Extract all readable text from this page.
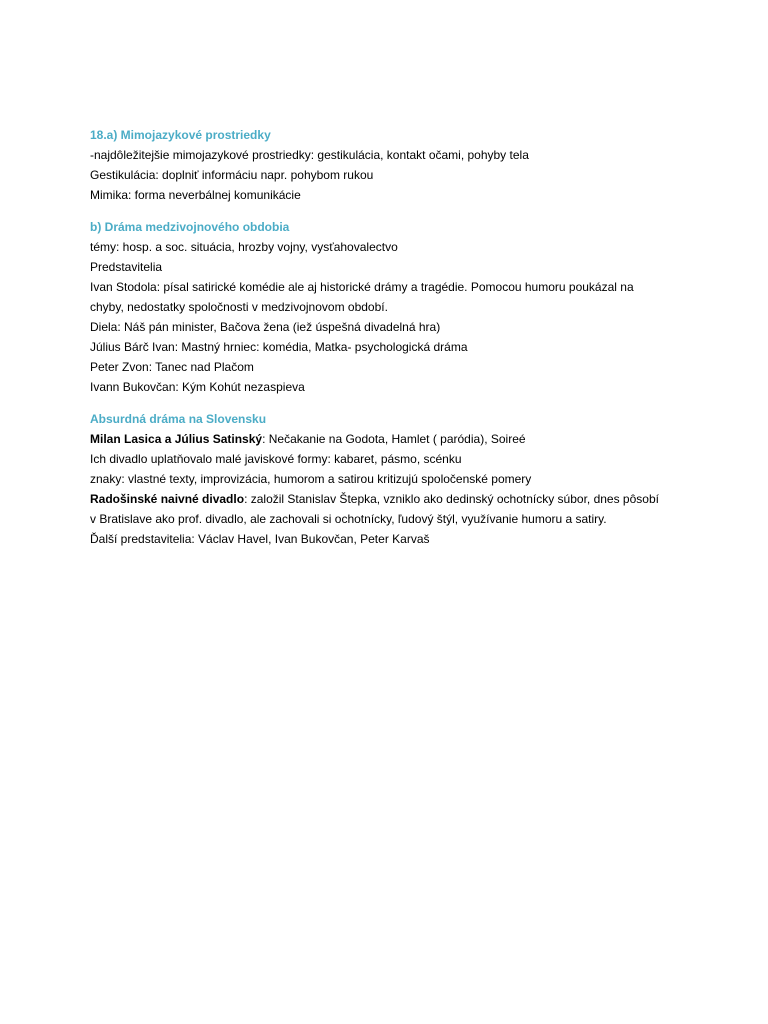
18.a) Mimojazykové prostriedky

-najdôležitejšie mimojazykové prostriedky: gestikulácia, kontakt očami, pohyby tela

Gestikulácia: doplniť informáciu napr. pohybom rukou

Mimika: forma neverbálnej komunikácie

b) Dráma medzivojnového obdobia

témy: hosp. a soc. situácia, hrozby vojny, vysťahovalectvo

Predstavitelia

Ivan Stodola: písal satirické komédie ale aj historické drámy a tragédie. Pomocou humoru poukázal na

chyby, nedostatky spoločnosti v medzivojnovom období.

Diela: Náš pán minister, Bačova žena (iež úspešná divadelná hra)

Július Bárč Ivan: Mastný hrniec: komédia, Matka- psychologická dráma

Peter Zvon: Tanec nad Plačom

Ivann Bukovčan: Kým Kohút nezaspieva

Absurdná dráma na Slovensku

Milan Lasica a Július Satinský: Nečakanie na Godota, Hamlet ( paródia), Soireé

Ich divadlo uplatňovalo malé javiskové formy: kabaret, pásmo, scénku

znaky: vlastné texty, improvizácia, humorom a satirou kritizujú spoločenské pomery

Radošinské naivné divadlo: založil Stanislav Štepka, vzniklo ako dedinský ochotnícky súbor, dnes pôsobí

v Bratislave ako prof. divadlo, ale zachovali si ochotnícky, ľudový štýl, využívanie humoru a satiry.

Ďalší predstavitelia: Václav Havel, Ivan Bukovčan, Peter Karvaš
